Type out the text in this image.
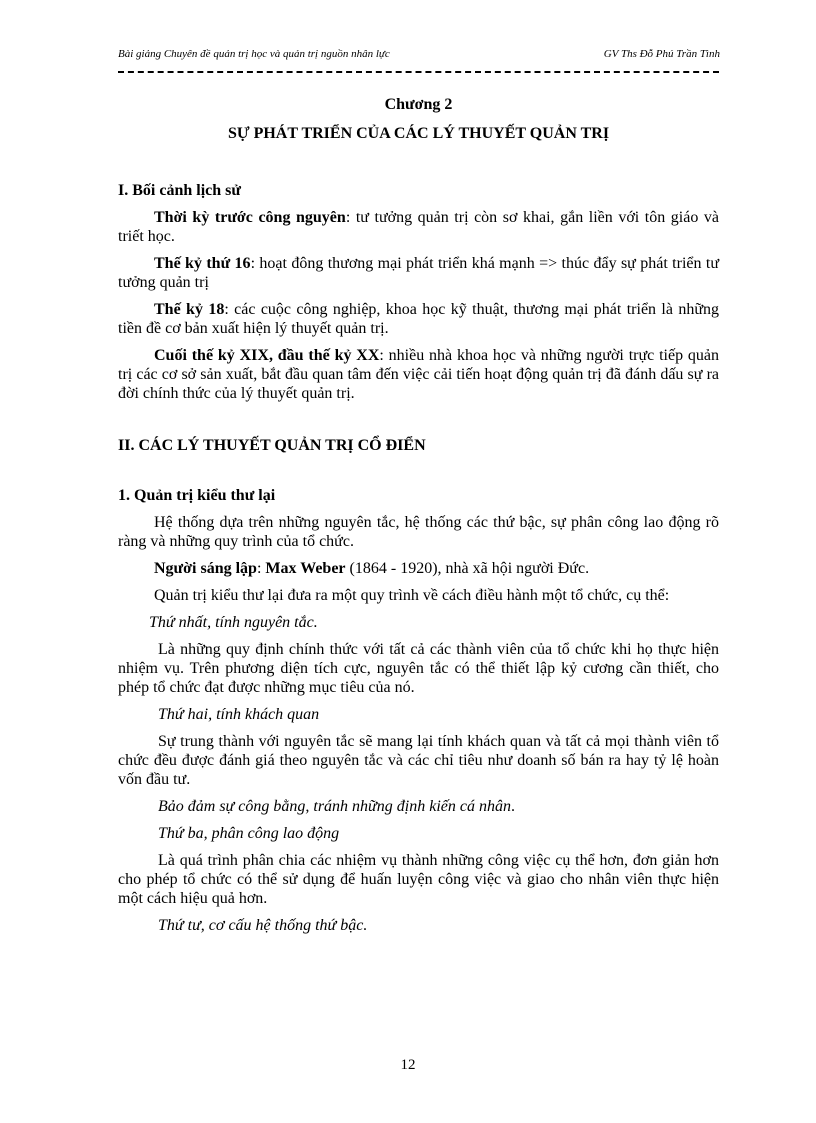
Bài giảng Chuyên đề quản trị học và quản trị nguồn nhân lực	GV Ths Đỗ Phú Trần Tình
Chương 2
SỰ PHÁT TRIỂN CỦA CÁC LÝ THUYẾT QUẢN TRỊ
I. Bối cảnh lịch sử

Thời kỳ trước công nguyên: tư tưởng quản trị còn sơ khai, gắn liền với tôn giáo và triết học.

Thế kỷ thứ 16: hoạt đông thương mại phát triển khá mạnh => thúc đẩy sự phát triển tư tưởng quản trị

Thế kỷ 18: các cuộc công nghiệp, khoa học kỹ thuật, thương mại phát triển là những tiền đề cơ bản xuất hiện lý thuyết quản trị.

Cuối thế kỷ XIX, đầu thế kỷ XX: nhiều nhà khoa học và những người trực tiếp quản trị các cơ sở sản xuất, bắt đầu quan tâm đến việc cải tiến hoạt động quản trị đã đánh dấu sự ra đời chính thức của lý thuyết quản trị.

II. CÁC LÝ THUYẾT QUẢN TRỊ CỔ ĐIỂN
1. Quản trị kiểu thư lại

Hệ thống dựa trên những nguyên tắc, hệ thống các thứ bậc, sự phân công lao động rõ ràng và những quy trình của tổ chức.

Người sáng lập: Max Weber (1864 - 1920), nhà xã hội người Đức.

Quản trị kiểu thư lại đưa ra một quy trình về cách điều hành một tổ chức, cụ thể:

Thứ nhất, tính nguyên tắc.

Là những quy định chính thức với tất cả các thành viên của tổ chức khi họ thực hiện nhiệm vụ. Trên phương diện tích cực, nguyên tắc có thể thiết lập kỷ cương cần thiết, cho phép tổ chức đạt được những mục tiêu của nó.

Thứ hai, tính khách quan

Sự trung thành với nguyên tắc sẽ mang lại tính khách quan và tất cả mọi thành viên tổ chức đều được đánh giá theo nguyên tắc và các chỉ tiêu như doanh số bán ra hay tỷ lệ hoàn vốn đầu tư.

Bảo đảm sự công bằng, tránh những định kiến cá nhân.

Thứ ba, phân công lao động

Là quá trình phân chia các nhiệm vụ thành những công việc cụ thể hơn, đơn giản hơn cho phép tổ chức có thể sử dụng để huấn luyện công việc và giao cho nhân viên thực hiện một cách hiệu quả hơn.

Thứ tư, cơ cấu hệ thống thứ bậc.

12
